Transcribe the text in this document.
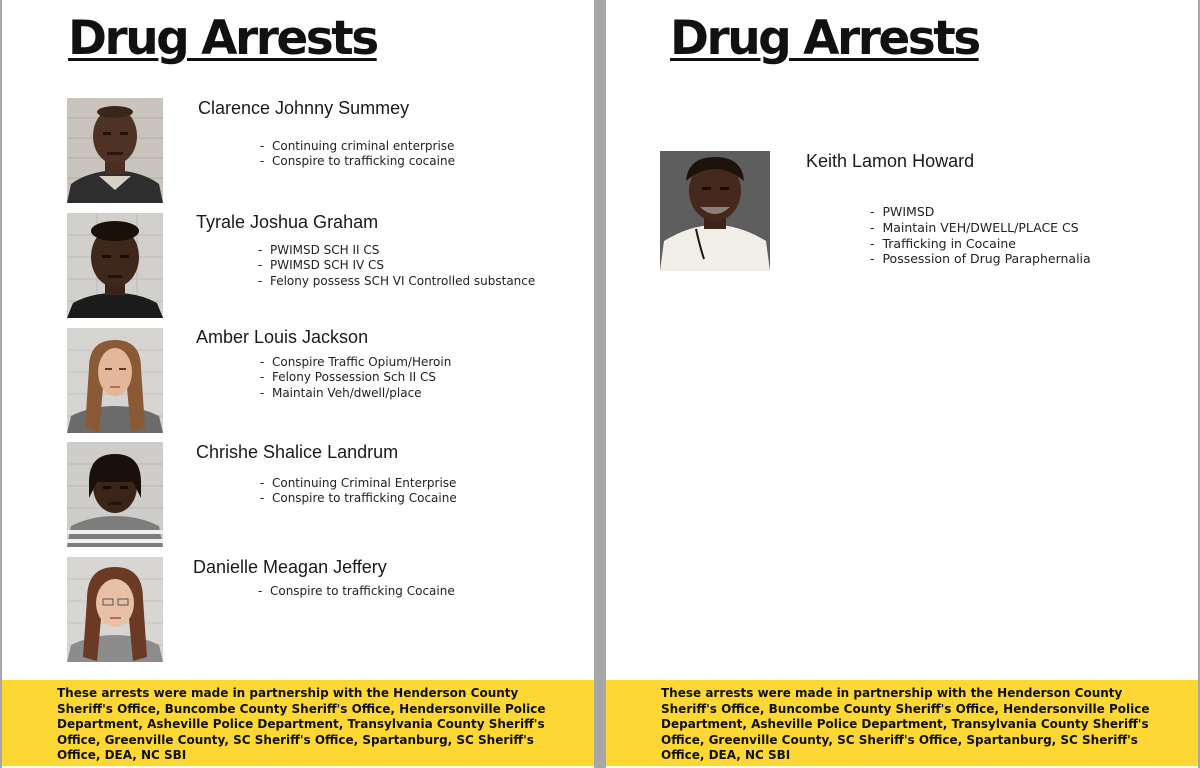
Drug Arrests
Clarence Johnny Summey
- Continuing criminal enterprise
- Conspire to trafficking cocaine
Tyrale Joshua Graham
- PWIMSD SCH II CS
- PWIMSD SCH IV CS
- Felony possess SCH VI Controlled substance
Amber Louis Jackson
- Conspire Traffic Opium/Heroin
- Felony Possession Sch II CS
- Maintain Veh/dwell/place
Chrishe Shalice Landrum
- Continuing Criminal Enterprise
- Conspire to trafficking Cocaine
Danielle Meagan Jeffery
- Conspire to trafficking Cocaine

These arrests were made in partnership with the Henderson County Sheriff's Office, Buncombe County Sheriff's Office, Hendersonville Police Department, Asheville Police Department, Transylvania County Sheriff's Office, Greenville County, SC Sheriff's Office, Spartanburg, SC Sheriff's Office, DEA, NC SBI

Drug Arrests
Keith Lamon Howard
- PWIMSD
- Maintain VEH/DWELL/PLACE CS
- Trafficking in Cocaine
- Possession of Drug Paraphernalia

These arrests were made in partnership with the Henderson County Sheriff's Office, Buncombe County Sheriff's Office, Hendersonville Police Department, Asheville Police Department, Transylvania County Sheriff's Office, Greenville County, SC Sheriff's Office, Spartanburg, SC Sheriff's Office, DEA, NC SBI
